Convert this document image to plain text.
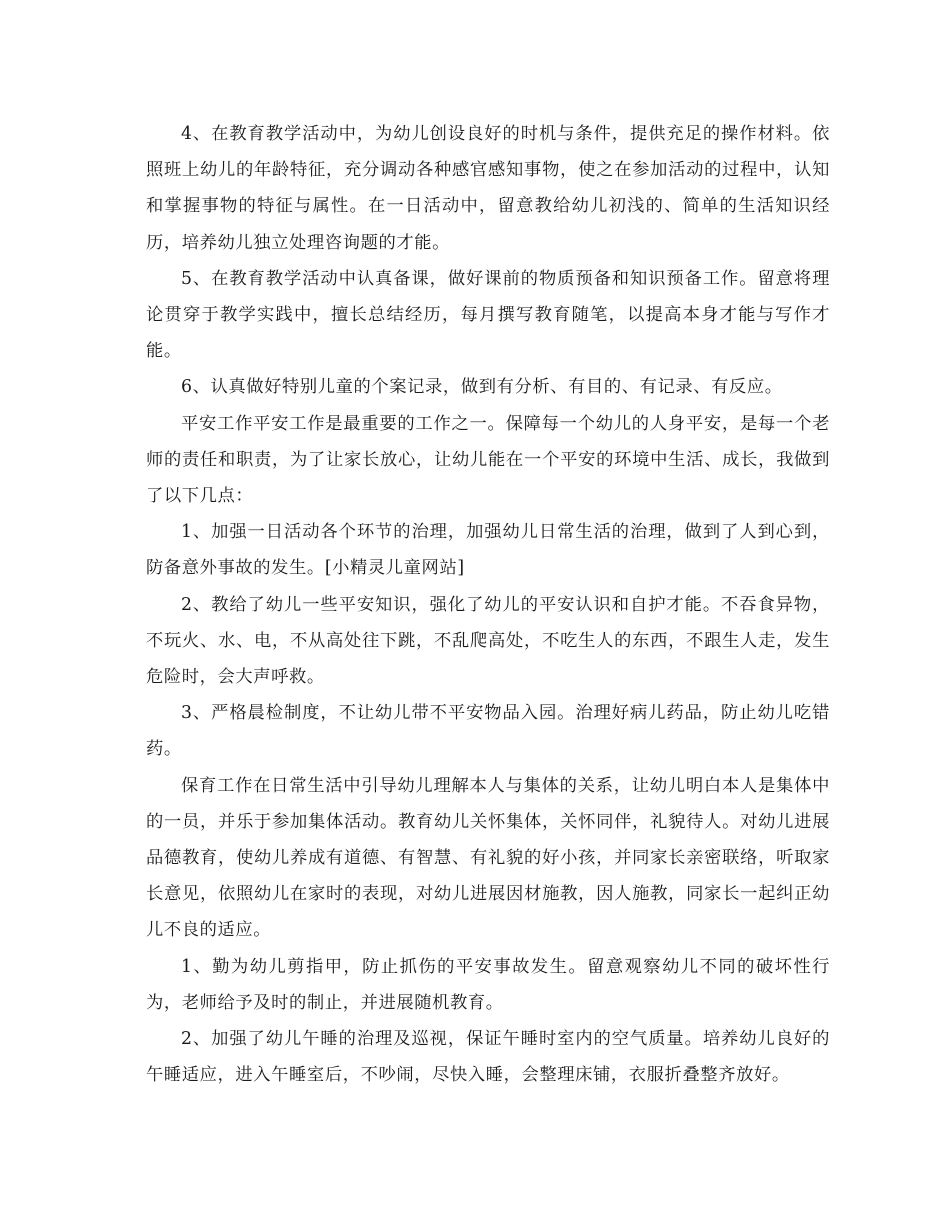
4、在教育教学活动中，为幼儿创设良好的时机与条件，提供充足的操作材料。依照班上幼儿的年龄特征，充分调动各种感官感知事物，使之在参加活动的过程中，认知和掌握事物的特征与属性。在一日活动中，留意教给幼儿初浅的、简单的生活知识经历，培养幼儿独立处理咨询题的才能。

5、在教育教学活动中认真备课，做好课前的物质预备和知识预备工作。留意将理论贯穿于教学实践中，擅长总结经历，每月撰写教育随笔，以提高本身才能与写作才能。

6、认真做好特别儿童的个案记录，做到有分析、有目的、有记录、有反应。

平安工作平安工作是最重要的工作之一。保障每一个幼儿的人身平安，是每一个老师的责任和职责，为了让家长放心，让幼儿能在一个平安的环境中生活、成长，我做到了以下几点：

1、加强一日活动各个环节的治理，加强幼儿日常生活的治理，做到了人到心到，防备意外事故的发生。[小精灵儿童网站]

2、教给了幼儿一些平安知识，强化了幼儿的平安认识和自护才能。不吞食异物，不玩火、水、电，不从高处往下跳，不乱爬高处，不吃生人的东西，不跟生人走，发生危险时，会大声呼救。

3、严格晨检制度，不让幼儿带不平安物品入园。治理好病儿药品，防止幼儿吃错药。

保育工作在日常生活中引导幼儿理解本人与集体的关系，让幼儿明白本人是集体中的一员，并乐于参加集体活动。教育幼儿关怀集体，关怀同伴，礼貌待人。对幼儿进展品德教育，使幼儿养成有道德、有智慧、有礼貌的好小孩，并同家长亲密联络，听取家长意见，依照幼儿在家时的表现，对幼儿进展因材施教，因人施教，同家长一起纠正幼儿不良的适应。

1、勤为幼儿剪指甲，防止抓伤的平安事故发生。留意观察幼儿不同的破坏性行为，老师给予及时的制止，并进展随机教育。

2、加强了幼儿午睡的治理及巡视，保证午睡时室内的空气质量。培养幼儿良好的午睡适应，进入午睡室后，不吵闹，尽快入睡，会整理床铺，衣服折叠整齐放好。
